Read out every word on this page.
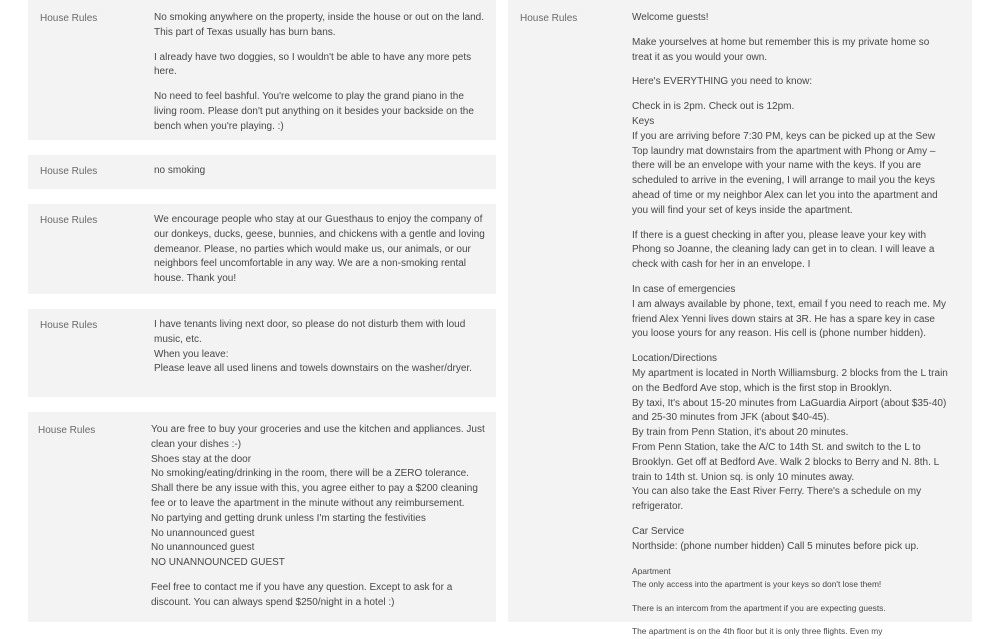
House Rules	No smoking anywhere on the property, inside the house or out on the land. This part of Texas usually has burn bans.

I already have two doggies, so I wouldn't be able to have any more pets here.

No need to feel bashful. You're welcome to play the grand piano in the living room. Please don't put anything on it besides your backside on the bench when you're playing. :)

House Rules	no smoking

House Rules	We encourage people who stay at our Guesthaus to enjoy the company of our donkeys, ducks, geese, bunnies, and chickens with a gentle and loving demeanor. Please, no parties which would make us, our animals, or our neighbors feel uncomfortable in any way. We are a non-smoking rental house. Thank you!

House Rules	I have tenants living next door, so please do not disturb them with loud music, etc.

When you leave:

Please leave all used linens and towels downstairs on the washer/dryer.

House Rules	You are free to buy your groceries and use the kitchen and appliances. Just clean your dishes :-)

Shoes stay at the door

No smoking/eating/drinking in the room, there will be a ZERO tolerance. Shall there be any issue with this, you agree either to pay a $200 cleaning fee or to leave the apartment in the minute without any reimbursement.

No partying and getting drunk unless I'm starting the festivities

No unannounced guest

No unannounced guest

NO UNANNOUNCED GUEST

Feel free to contact me if you have any question. Except to ask for a discount. You can always spend $250/night in a hotel :)

House Rules	Welcome guests!

Make yourselves at home but remember this is my private home so treat it as you would your own.

Here's EVERYTHING you need to know:

Check in is 2pm. Check out is 12pm.

Keys

If you are arriving before 7:30 PM, keys can be picked up at the Sew Top laundry mat downstairs from the apartment with Phong or Amy – there will be an envelope with your name with the keys. If you are scheduled to arrive in the evening, I will arrange to mail you the keys ahead of time or my neighbor Alex can let you into the apartment and you will find your set of keys inside the apartment.

If there is a guest checking in after you, please leave your key with Phong so Joanne, the cleaning lady can get in to clean. I will leave a check with cash for her in an envelope. I

In case of emergencies

I am always available by phone, text, email f you need to reach me. My friend Alex Yenni lives down stairs at 3R. He has a spare key in case you loose yours for any reason. His cell is (phone number hidden).

Location/Directions

My apartment is located in North Williamsburg. 2 blocks from the L train on the Bedford Ave stop, which is the first stop in Brooklyn.

By taxi, It's about 15-20 minutes from LaGuardia Airport (about $35-40) and 25-30 minutes from JFK (about $40-45).

By train from Penn Station, it's about 20 minutes.

From Penn Station, take the A/C to 14th St. and switch to the L to Brooklyn. Get off at Bedford Ave. Walk 2 blocks to Berry and N. 8th. L train to 14th st. Union sq. is only 10 minutes away.

You can also take the East River Ferry. There's a schedule on my refrigerator.

Car Service

Northside: (phone number hidden) Call 5 minutes before pick up.

Apartment

The only access into the apartment is your keys so don't lose them!

There is an intercom from the apartment if you are expecting guests.

The apartment is on the 4th floor but it is only three flights. Even my
